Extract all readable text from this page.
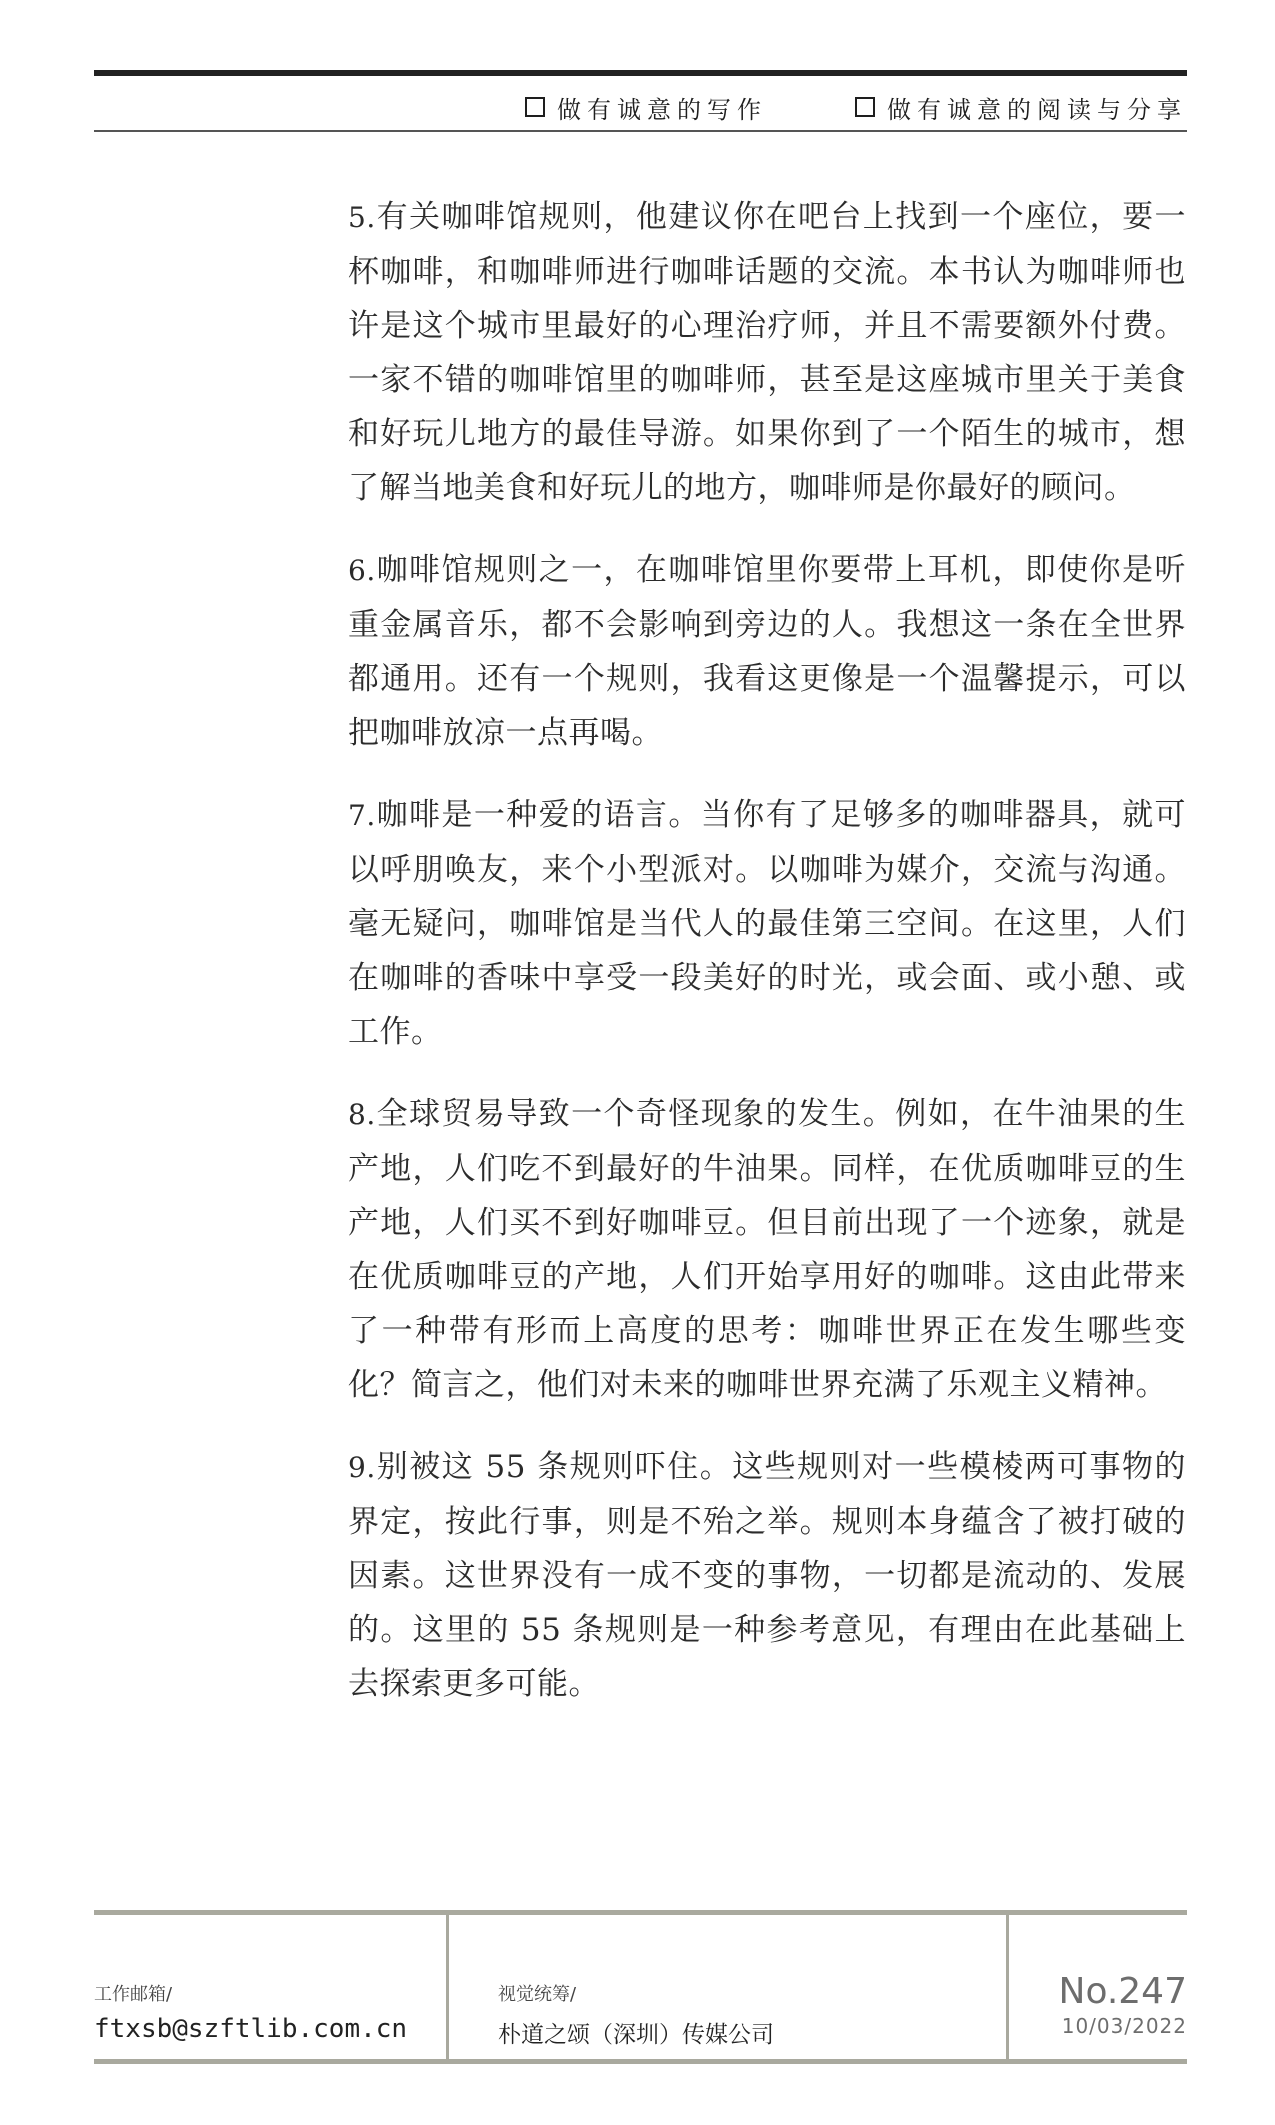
做有诚意的写作	做有诚意的阅读与分享

5.有关咖啡馆规则，他建议你在吧台上找到一个座位，要一杯咖啡，和咖啡师进行咖啡话题的交流。本书认为咖啡师也许是这个城市里最好的心理治疗师，并且不需要额外付费。一家不错的咖啡馆里的咖啡师，甚至是这座城市里关于美食和好玩儿地方的最佳导游。如果你到了一个陌生的城市，想了解当地美食和好玩儿的地方，咖啡师是你最好的顾问。

6.咖啡馆规则之一，在咖啡馆里你要带上耳机，即使你是听重金属音乐，都不会影响到旁边的人。我想这一条在全世界都通用。还有一个规则，我看这更像是一个温馨提示，可以把咖啡放凉一点再喝。

7.咖啡是一种爱的语言。当你有了足够多的咖啡器具，就可以呼朋唤友，来个小型派对。以咖啡为媒介，交流与沟通。毫无疑问，咖啡馆是当代人的最佳第三空间。在这里，人们在咖啡的香味中享受一段美好的时光，或会面、或小憩、或工作。

8.全球贸易导致一个奇怪现象的发生。例如，在牛油果的生产地，人们吃不到最好的牛油果。同样，在优质咖啡豆的生产地，人们买不到好咖啡豆。但目前出现了一个迹象，就是在优质咖啡豆的产地，人们开始享用好的咖啡。这由此带来了一种带有形而上高度的思考：咖啡世界正在发生哪些变化？简言之，他们对未来的咖啡世界充满了乐观主义精神。

9.别被这 55 条规则吓住。这些规则对一些模棱两可事物的界定，按此行事，则是不殆之举。规则本身蕴含了被打破的因素。这世界没有一成不变的事物，一切都是流动的、发展的。这里的 55 条规则是一种参考意见，有理由在此基础上去探索更多可能。

工作邮箱/
ftxsb@szftlib.com.cn
视觉统筹/
朴道之颂（深圳）传媒公司
No.247
10/03/2022
